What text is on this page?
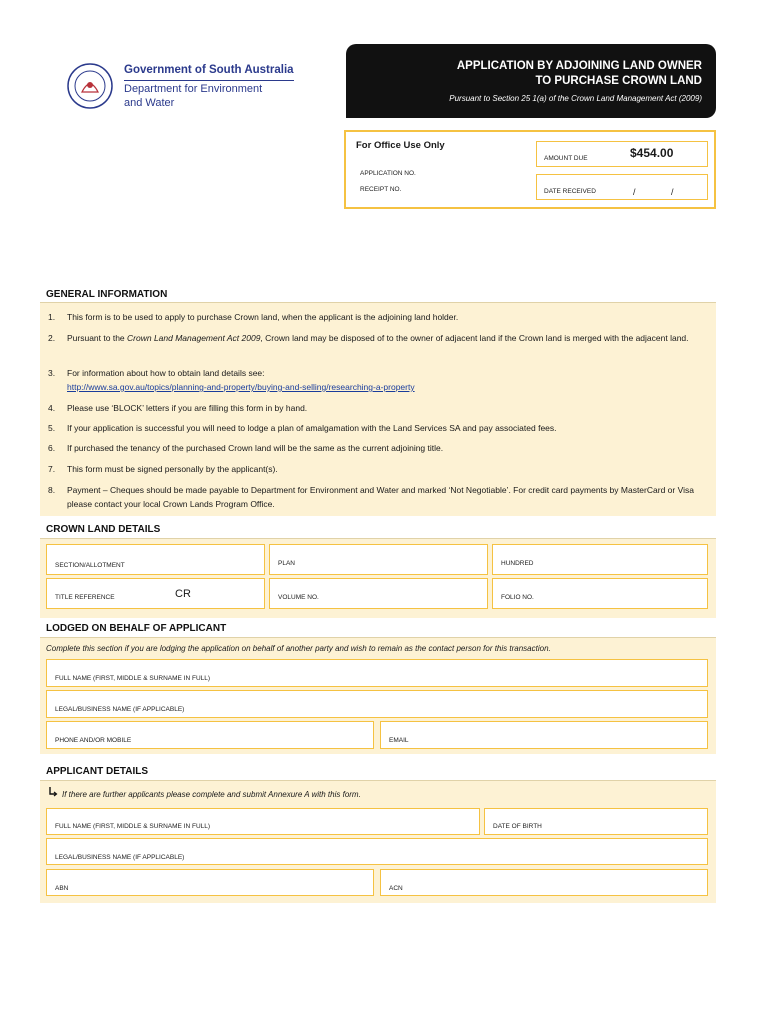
Government of South Australia
Department for Environment
and Water
APPLICATION BY ADJOINING LAND OWNER
TO PURCHASE CROWN LAND
Pursuant to Section 25 1(a) of the Crown Land Management Act (2009)
For Office Use Only
APPLICATION NO.
RECEIPT NO.
AMOUNT DUE	$454.00
DATE RECEIVED	/	/
GENERAL INFORMATION
1. This form is to be used to apply to purchase Crown land, when the applicant is the adjoining land holder.
2. Pursuant to the Crown Land Management Act 2009, Crown land may be disposed of to the owner of adjacent land if the Crown land is merged with the adjacent land.
3. For information about how to obtain land details see:
http://www.sa.gov.au/topics/planning-and-property/buying-and-selling/researching-a-property
4. Please use ‘BLOCK’ letters if you are filling this form in by hand.
5. If your application is successful you will need to lodge a plan of amalgamation with the Land Services SA and pay associated fees.
6. If purchased the tenancy of the purchased Crown land will be the same as the current adjoining title.
7. This form must be signed personally by the applicant(s).
8. Payment – Cheques should be made payable to Department for Environment and Water and marked ‘Not Negotiable’. For credit card payments by MasterCard or Visa please contact your local Crown Lands Program Office.
CROWN LAND DETAILS
SECTION/ALLOTMENT	PLAN	HUNDRED
TITLE REFERENCE	CR	VOLUME NO.	FOLIO NO.
LODGED ON BEHALF OF APPLICANT
Complete this section if you are lodging the application on behalf of another party and wish to remain as the contact person for this transaction.
FULL NAME (FIRST, MIDDLE & SURNAME IN FULL)
LEGAL/BUSINESS NAME (IF APPLICABLE)
PHONE AND/OR MOBILE	EMAIL
APPLICANT DETAILS
If there are further applicants please complete and submit Annexure A with this form.
FULL NAME (FIRST, MIDDLE & SURNAME IN FULL)	DATE OF BIRTH
LEGAL/BUSINESS NAME (IF APPLICABLE)
ABN	ACN
